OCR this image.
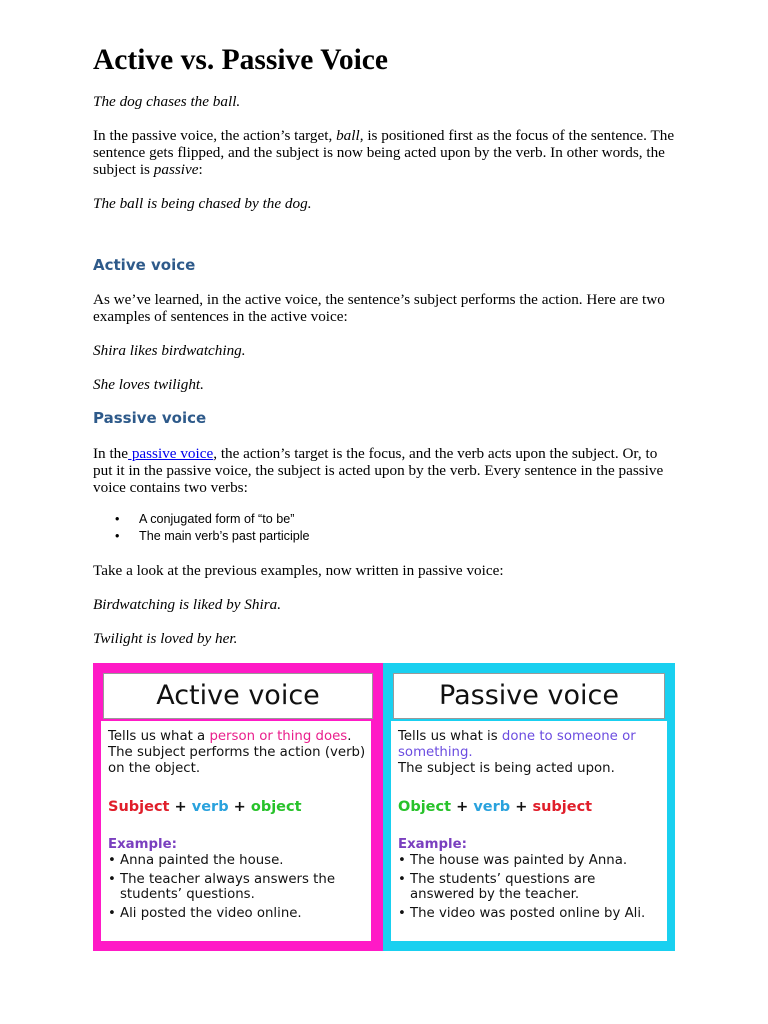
Active vs. Passive Voice

The dog chases the ball.

In the passive voice, the action’s target, ball, is positioned first as the focus of the sentence. The sentence gets flipped, and the subject is now being acted upon by the verb. In other words, the subject is passive:

The ball is being chased by the dog.

Active voice

As we’ve learned, in the active voice, the sentence’s subject performs the action. Here are two examples of sentences in the active voice:

Shira likes birdwatching.

She loves twilight.

Passive voice

In the passive voice, the action’s target is the focus, and the verb acts upon the subject. Or, to put it in the passive voice, the subject is acted upon by the verb. Every sentence in the passive voice contains two verbs:

• A conjugated form of “to be”
• The main verb’s past participle

Take a look at the previous examples, now written in passive voice:

Birdwatching is liked by Shira.

Twilight is loved by her.

Active voice
Tells us what a person or thing does.
The subject performs the action (verb) on the object.
Subject + verb + object
Example:
• Anna painted the house.
• The teacher always answers the students’ questions.
• Ali posted the video online.
Passive voice
Tells us what is done to someone or something.
The subject is being acted upon.
Object + verb + subject
Example:
• The house was painted by Anna.
• The students’ questions are answered by the teacher.
• The video was posted online by Ali.
